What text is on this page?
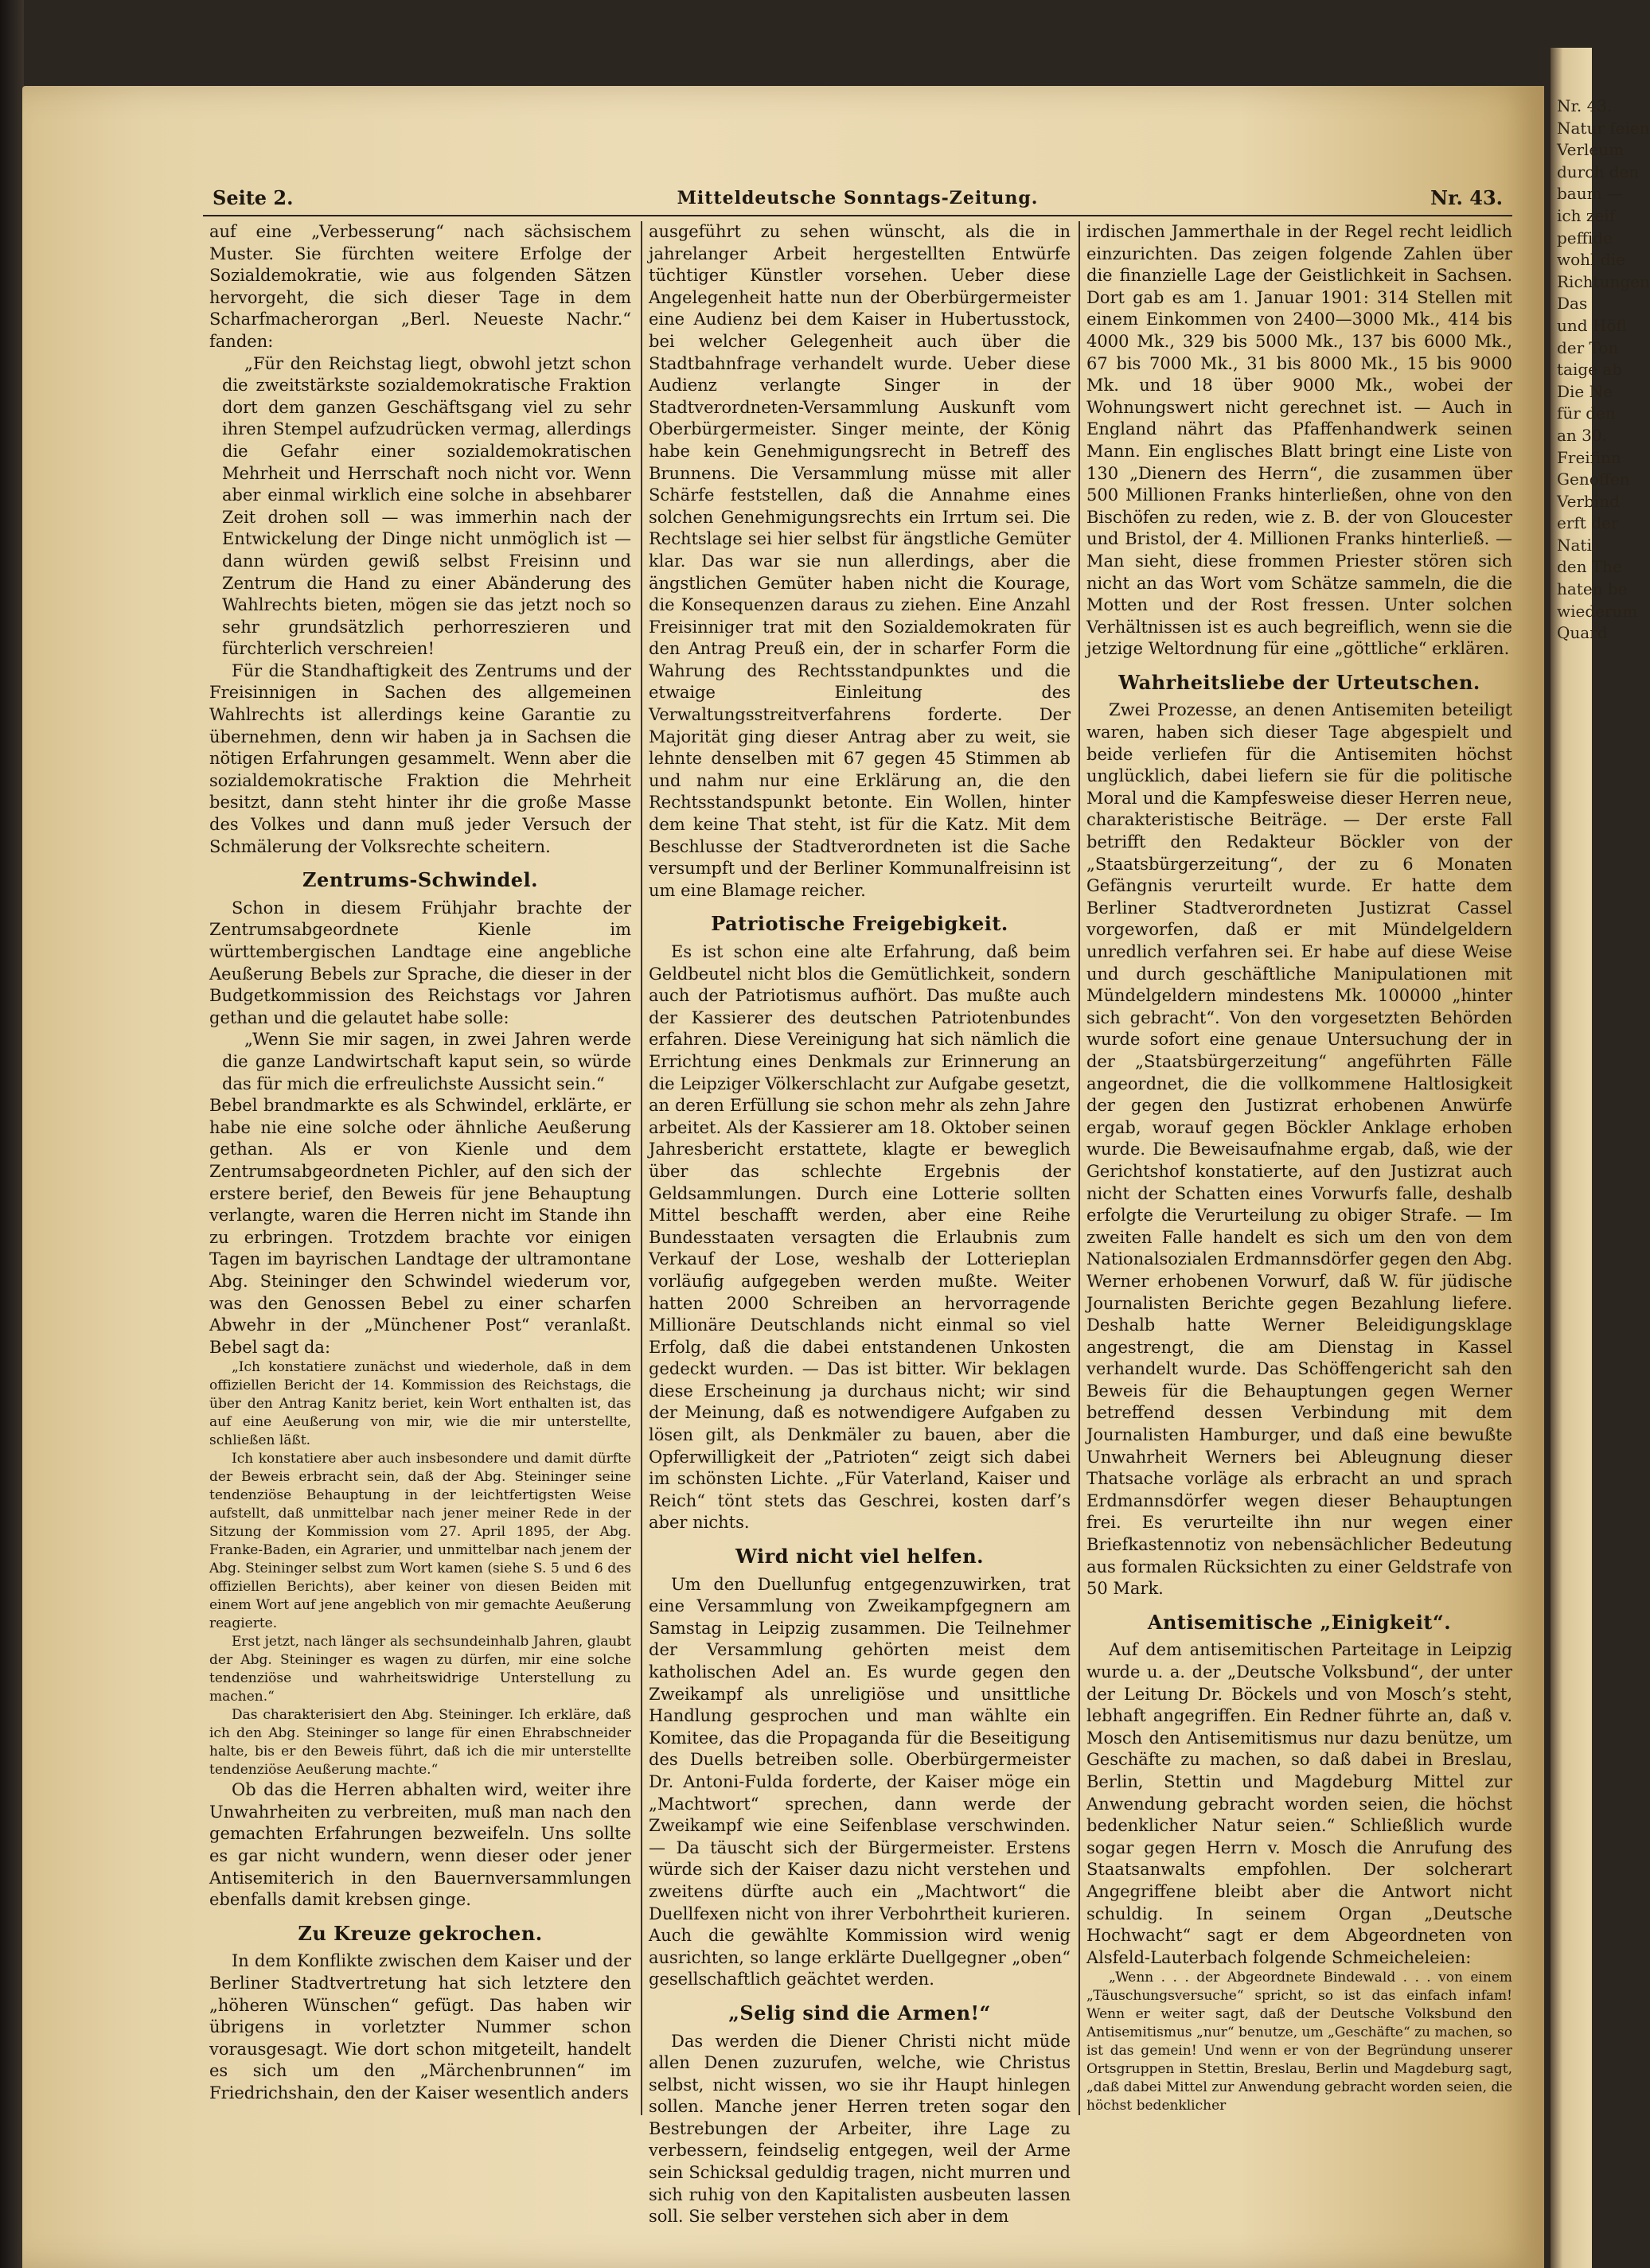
Nr. 43.
Natur feien
Verleum
durch den
baum —
ich zeif
peffide
wohl die
Richtungen
Das
und Höfl
der Ton
taige ab
Die Ne
für den
an 30.
Freifinn
Genoffen
Verbind
erft der
Nati
den The
haten be
wiederum
Quard
Seite 2.	Mitteldeutsche Sonntags-Zeitung.	Nr. 43.

auf eine „Verbesserung“ nach sächsischem Muster. Sie fürchten weitere Erfolge der Sozialdemokratie, wie aus folgenden Sätzen hervorgeht, die sich dieser Tage in dem Scharfmacherorgan „Berl. Neueste Nachr.“ fanden:

„Für den Reichstag liegt, obwohl jetzt schon die zweitstärkste sozialdemokratische Fraktion dort dem ganzen Geschäftsgang viel zu sehr ihren Stempel aufzudrücken vermag, allerdings die Gefahr einer sozialdemokratischen Mehrheit und Herrschaft noch nicht vor. Wenn aber einmal wirklich eine solche in absehbarer Zeit drohen soll — was immerhin nach der Entwickelung der Dinge nicht unmöglich ist — dann würden gewiß selbst Freisinn und Zentrum die Hand zu einer Abänderung des Wahlrechts bieten, mögen sie das jetzt noch so sehr grundsätzlich perhorreszieren und fürchterlich verschreien!

Für die Standhaftigkeit des Zentrums und der Freisinnigen in Sachen des allgemeinen Wahlrechts ist allerdings keine Garantie zu übernehmen, denn wir haben ja in Sachsen die nötigen Erfahrungen gesammelt. Wenn aber die sozialdemokratische Fraktion die Mehrheit besitzt, dann steht hinter ihr die große Masse des Volkes und dann muß jeder Versuch der Schmälerung der Volksrechte scheitern.

Zentrums-Schwindel.

Schon in diesem Frühjahr brachte der Zentrumsabgeordnete Kienle im württembergischen Landtage eine angebliche Aeußerung Bebels zur Sprache, die dieser in der Budgetkommission des Reichstags vor Jahren gethan und die gelautet habe solle:

„Wenn Sie mir sagen, in zwei Jahren werde die ganze Landwirtschaft kaput sein, so würde das für mich die erfreulichste Aussicht sein.“

Bebel brandmarkte es als Schwindel, erklärte, er habe nie eine solche oder ähnliche Aeußerung gethan. Als er von Kienle und dem Zentrumsabgeordneten Pichler, auf den sich der erstere berief, den Beweis für jene Behauptung verlangte, waren die Herren nicht im Stande ihn zu erbringen. Trotzdem brachte vor einigen Tagen im bayrischen Landtage der ultramontane Abg. Steininger den Schwindel wiederum vor, was den Genossen Bebel zu einer scharfen Abwehr in der „Münchener Post“ veranlaßt. Bebel sagt da:

„Ich konstatiere zunächst und wiederhole, daß in dem offiziellen Bericht der 14. Kommission des Reichstags, die über den Antrag Kanitz beriet, kein Wort enthalten ist, das auf eine Aeußerung von mir, wie die mir unterstellte, schließen läßt.

Ich konstatiere aber auch insbesondere und damit dürfte der Beweis erbracht sein, daß der Abg. Steininger seine tendenziöse Behauptung in der leichtfertigsten Weise aufstellt, daß unmittelbar nach jener meiner Rede in der Sitzung der Kommission vom 27. April 1895, der Abg. Franke-Baden, ein Agrarier, und unmittelbar nach jenem der Abg. Steininger selbst zum Wort kamen (siehe S. 5 und 6 des offiziellen Berichts), aber keiner von diesen Beiden mit einem Wort auf jene angeblich von mir gemachte Aeußerung reagierte.

Erst jetzt, nach länger als sechsundeinhalb Jahren, glaubt der Abg. Steininger es wagen zu dürfen, mir eine solche tendenziöse und wahrheitswidrige Unterstellung zu machen.“

Das charakterisiert den Abg. Steininger. Ich erkläre, daß ich den Abg. Steininger so lange für einen Ehrabschneider halte, bis er den Beweis führt, daß ich die mir unterstellte tendenziöse Aeußerung machte.“

Ob das die Herren abhalten wird, weiter ihre Unwahrheiten zu verbreiten, muß man nach den gemachten Erfahrungen bezweifeln. Uns sollte es gar nicht wundern, wenn dieser oder jener Antisemiterich in den Bauernversammlungen ebenfalls damit krebsen ginge.

Zu Kreuze gekrochen.

In dem Konflikte zwischen dem Kaiser und der Berliner Stadtvertretung hat sich letztere den „höheren Wünschen“ gefügt. Das haben wir übrigens in vorletzter Nummer schon vorausgesagt. Wie dort schon mitgeteilt, handelt es sich um den „Märchenbrunnen“ im Friedrichshain, den der Kaiser wesentlich anders

ausgeführt zu sehen wünscht, als die in jahrelanger Arbeit hergestellten Entwürfe tüchtiger Künstler vorsehen. Ueber diese Angelegenheit hatte nun der Oberbürgermeister eine Audienz bei dem Kaiser in Hubertusstock, bei welcher Gelegenheit auch über die Stadtbahnfrage verhandelt wurde. Ueber diese Audienz verlangte Singer in der Stadtverordneten-Versammlung Auskunft vom Oberbürgermeister. Singer meinte, der König habe kein Genehmigungsrecht in Betreff des Brunnens. Die Versammlung müsse mit aller Schärfe feststellen, daß die Annahme eines solchen Genehmigungsrechts ein Irrtum sei. Die Rechtslage sei hier selbst für ängstliche Gemüter klar. Das war sie nun allerdings, aber die ängstlichen Gemüter haben nicht die Kourage, die Konsequenzen daraus zu ziehen. Eine Anzahl Freisinniger trat mit den Sozialdemokraten für den Antrag Preuß ein, der in scharfer Form die Wahrung des Rechtsstandpunktes und die etwaige Einleitung des Verwaltungsstreitverfahrens forderte. Der Majorität ging dieser Antrag aber zu weit, sie lehnte denselben mit 67 gegen 45 Stimmen ab und nahm nur eine Erklärung an, die den Rechtsstandspunkt betonte. Ein Wollen, hinter dem keine That steht, ist für die Katz. Mit dem Beschlusse der Stadtverordneten ist die Sache versumpft und der Berliner Kommunalfreisinn ist um eine Blamage reicher.

Patriotische Freigebigkeit.

Es ist schon eine alte Erfahrung, daß beim Geldbeutel nicht blos die Gemütlichkeit, sondern auch der Patriotismus aufhört. Das mußte auch der Kassierer des deutschen Patriotenbundes erfahren. Diese Vereinigung hat sich nämlich die Errichtung eines Denkmals zur Erinnerung an die Leipziger Völkerschlacht zur Aufgabe gesetzt, an deren Erfüllung sie schon mehr als zehn Jahre arbeitet. Als der Kassierer am 18. Oktober seinen Jahresbericht erstattete, klagte er beweglich über das schlechte Ergebnis der Geldsammlungen. Durch eine Lotterie sollten Mittel beschafft werden, aber eine Reihe Bundesstaaten versagten die Erlaubnis zum Verkauf der Lose, weshalb der Lotterieplan vorläufig aufgegeben werden mußte. Weiter hatten 2000 Schreiben an hervorragende Millionäre Deutschlands nicht einmal so viel Erfolg, daß die dabei entstandenen Unkosten gedeckt wurden. — Das ist bitter. Wir beklagen diese Erscheinung ja durchaus nicht; wir sind der Meinung, daß es notwendigere Aufgaben zu lösen gilt, als Denkmäler zu bauen, aber die Opferwilligkeit der „Patrioten“ zeigt sich dabei im schönsten Lichte. „Für Vaterland, Kaiser und Reich“ tönt stets das Geschrei, kosten darf’s aber nichts.

Wird nicht viel helfen.

Um den Duellunfug entgegenzuwirken, trat eine Versammlung von Zweikampfgegnern am Samstag in Leipzig zusammen. Die Teilnehmer der Versammlung gehörten meist dem katholischen Adel an. Es wurde gegen den Zweikampf als unreligiöse und unsittliche Handlung gesprochen und man wählte ein Komitee, das die Propaganda für die Beseitigung des Duells betreiben solle. Oberbürgermeister Dr. Antoni-Fulda forderte, der Kaiser möge ein „Machtwort“ sprechen, dann werde der Zweikampf wie eine Seifenblase verschwinden. — Da täuscht sich der Bürgermeister. Erstens würde sich der Kaiser dazu nicht verstehen und zweitens dürfte auch ein „Machtwort“ die Duellfexen nicht von ihrer Verbohrtheit kurieren. Auch die gewählte Kommission wird wenig ausrichten, so lange erklärte Duellgegner „oben“ gesellschaftlich geächtet werden.

„Selig sind die Armen!“

Das werden die Diener Christi nicht müde allen Denen zuzurufen, welche, wie Christus selbst, nicht wissen, wo sie ihr Haupt hinlegen sollen. Manche jener Herren treten sogar den Bestrebungen der Arbeiter, ihre Lage zu verbessern, feindselig entgegen, weil der Arme sein Schicksal geduldig tragen, nicht murren und sich ruhig von den Kapitalisten ausbeuten lassen soll. Sie selber verstehen sich aber in dem

irdischen Jammerthale in der Regel recht leidlich einzurichten. Das zeigen folgende Zahlen über die finanzielle Lage der Geistlichkeit in Sachsen. Dort gab es am 1. Januar 1901: 314 Stellen mit einem Einkommen von 2400—3000 Mk., 414 bis 4000 Mk., 329 bis 5000 Mk., 137 bis 6000 Mk., 67 bis 7000 Mk., 31 bis 8000 Mk., 15 bis 9000 Mk. und 18 über 9000 Mk., wobei der Wohnungswert nicht gerechnet ist. — Auch in England nährt das Pfaffenhandwerk seinen Mann. Ein englisches Blatt bringt eine Liste von 130 „Dienern des Herrn“, die zusammen über 500 Millionen Franks hinterließen, ohne von den Bischöfen zu reden, wie z. B. der von Gloucester und Bristol, der 4. Millionen Franks hinterließ. — Man sieht, diese frommen Priester stören sich nicht an das Wort vom Schätze sammeln, die die Motten und der Rost fressen. Unter solchen Verhältnissen ist es auch begreiflich, wenn sie die jetzige Weltordnung für eine „göttliche“ erklären.

Wahrheitsliebe der Urteutschen.

Zwei Prozesse, an denen Antisemiten beteiligt waren, haben sich dieser Tage abgespielt und beide verliefen für die Antisemiten höchst unglücklich, dabei liefern sie für die politische Moral und die Kampfesweise dieser Herren neue, charakteristische Beiträge. — Der erste Fall betrifft den Redakteur Böckler von der „Staatsbürgerzeitung“, der zu 6 Monaten Gefängnis verurteilt wurde. Er hatte dem Berliner Stadtverordneten Justizrat Cassel vorgeworfen, daß er mit Mündelgeldern unredlich verfahren sei. Er habe auf diese Weise und durch geschäftliche Manipulationen mit Mündelgeldern mindestens Mk. 100000 „hinter sich gebracht“. Von den vorgesetzten Behörden wurde sofort eine genaue Untersuchung der in der „Staatsbürgerzeitung“ angeführten Fälle angeordnet, die die vollkommene Haltlosigkeit der gegen den Justizrat erhobenen Anwürfe ergab, worauf gegen Böckler Anklage erhoben wurde. Die Beweisaufnahme ergab, daß, wie der Gerichtshof konstatierte, auf den Justizrat auch nicht der Schatten eines Vorwurfs falle, deshalb erfolgte die Verurteilung zu obiger Strafe. — Im zweiten Falle handelt es sich um den von dem Nationalsozialen Erdmannsdörfer gegen den Abg. Werner erhobenen Vorwurf, daß W. für jüdische Journalisten Berichte gegen Bezahlung liefere. Deshalb hatte Werner Beleidigungsklage angestrengt, die am Dienstag in Kassel verhandelt wurde. Das Schöffengericht sah den Beweis für die Behauptungen gegen Werner betreffend dessen Verbindung mit dem Journalisten Hamburger, und daß eine bewußte Unwahrheit Werners bei Ableugnung dieser Thatsache vorläge als erbracht an und sprach Erdmannsdörfer wegen dieser Behauptungen frei. Es verurteilte ihn nur wegen einer Briefkastennotiz von nebensächlicher Bedeutung aus formalen Rücksichten zu einer Geldstrafe von 50 Mark.

Antisemitische „Einigkeit“.

Auf dem antisemitischen Parteitage in Leipzig wurde u. a. der „Deutsche Volksbund“, der unter der Leitung Dr. Böckels und von Mosch’s steht, lebhaft angegriffen. Ein Redner führte an, daß v. Mosch den Antisemitismus nur dazu benütze, um Geschäfte zu machen, so daß dabei in Breslau, Berlin, Stettin und Magdeburg Mittel zur Anwendung gebracht worden seien, die höchst bedenklicher Natur seien.“ Schließlich wurde sogar gegen Herrn v. Mosch die Anrufung des Staatsanwalts empfohlen. Der solcherart Angegriffene bleibt aber die Antwort nicht schuldig. In seinem Organ „Deutsche Hochwacht“ sagt er dem Abgeordneten von Alsfeld-Lauterbach folgende Schmeicheleien:

„Wenn . . . der Abgeordnete Bindewald . . . von einem „Täuschungsversuche“ spricht, so ist das einfach infam! Wenn er weiter sagt, daß der Deutsche Volksbund den Antisemitismus „nur“ benutze, um „Geschäfte“ zu machen, so ist das gemein! Und wenn er von der Begründung unserer Ortsgruppen in Stettin, Breslau, Berlin und Magdeburg sagt, „daß dabei Mittel zur Anwendung gebracht worden seien, die höchst bedenklicher
